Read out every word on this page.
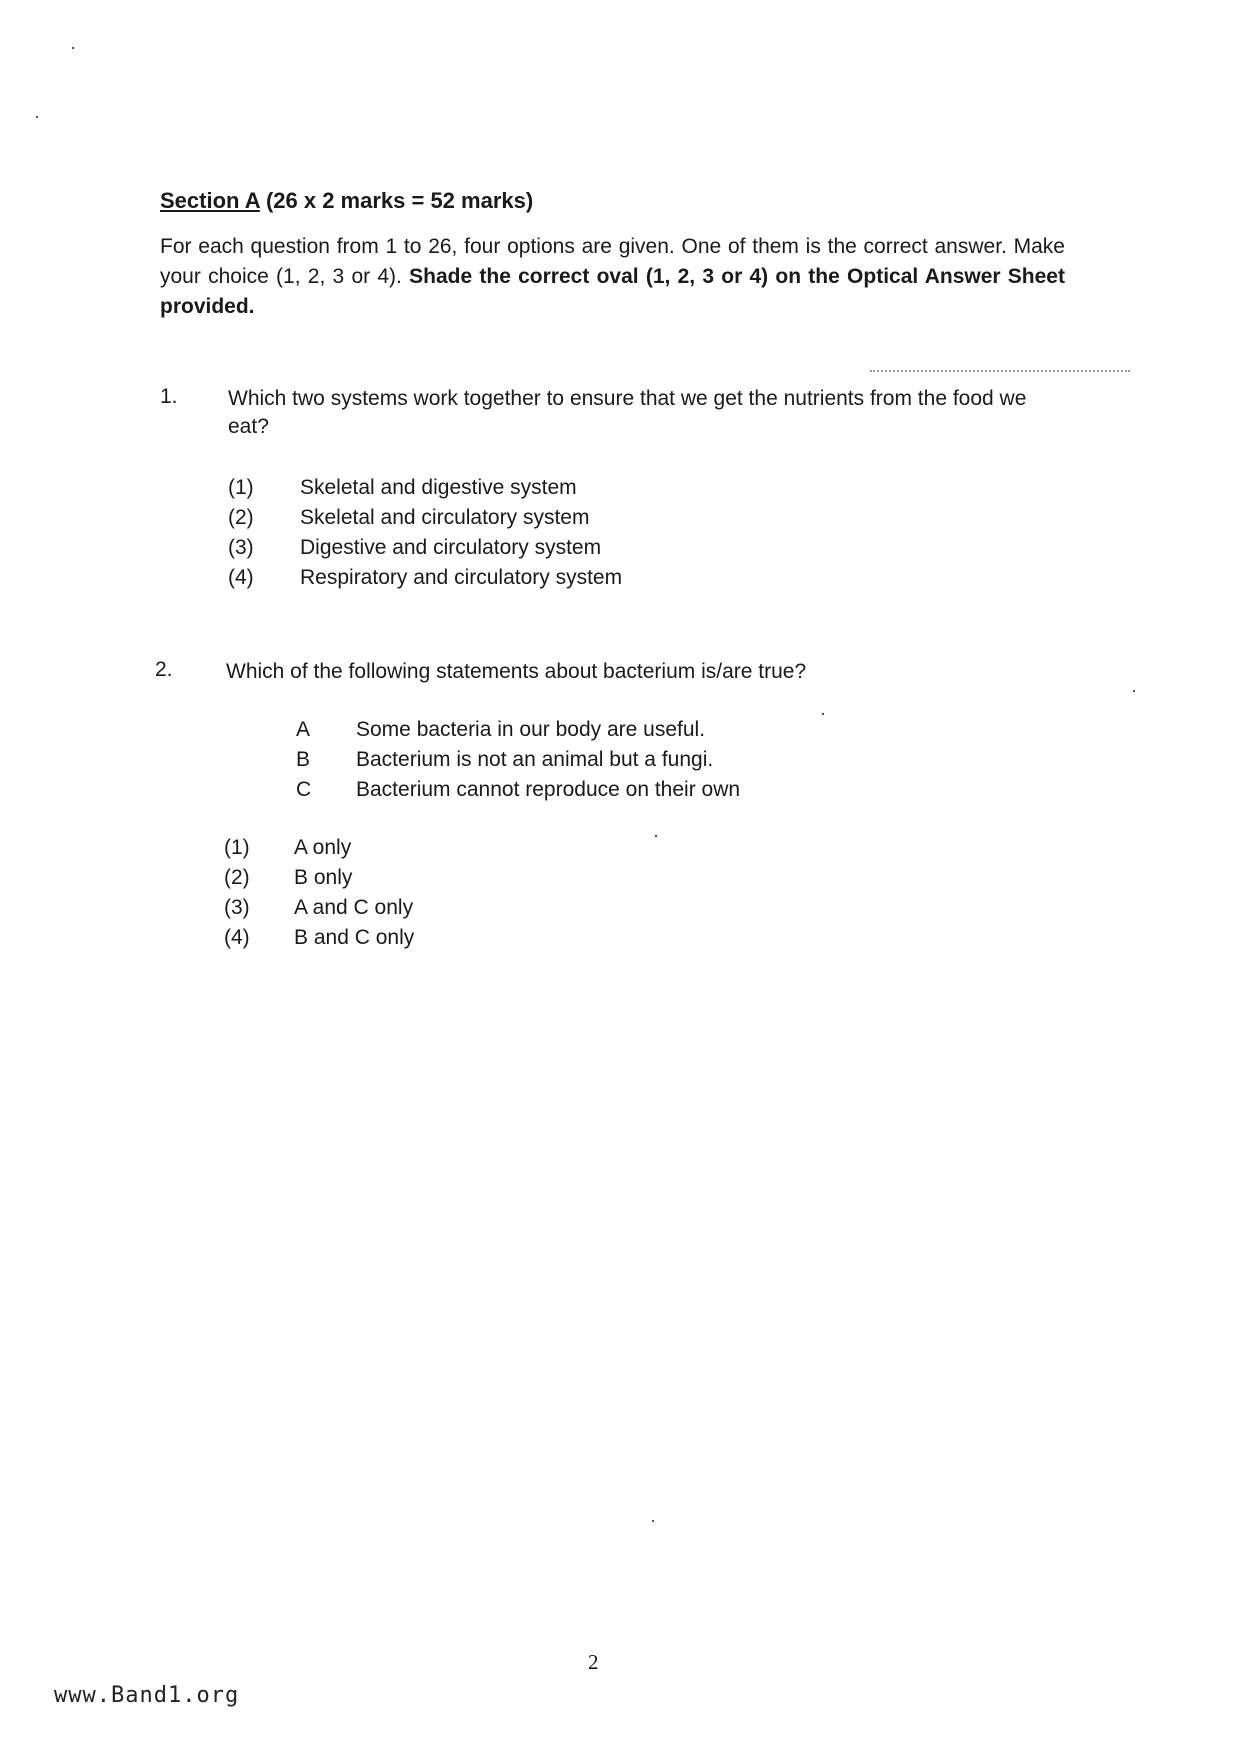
Section A (26 x 2 marks = 52 marks)
For each question from 1 to 26, four options are given. One of them is the correct answer. Make your choice (1, 2, 3 or 4). Shade the correct oval (1, 2, 3 or 4) on the Optical Answer Sheet provided.
1. Which two systems work together to ensure that we get the nutrients from the food we eat?
(1) Skeletal and digestive system
(2) Skeletal and circulatory system
(3) Digestive and circulatory system
(4) Respiratory and circulatory system
2.	Which of the following statements about bacterium is/are true?
A Some bacteria in our body are useful.
B Bacterium is not an animal but a fungi.
C Bacterium cannot reproduce on their own
(1) A only
(2) B only
(3) A and C only
(4) B and C only
2
www.Band1.org
